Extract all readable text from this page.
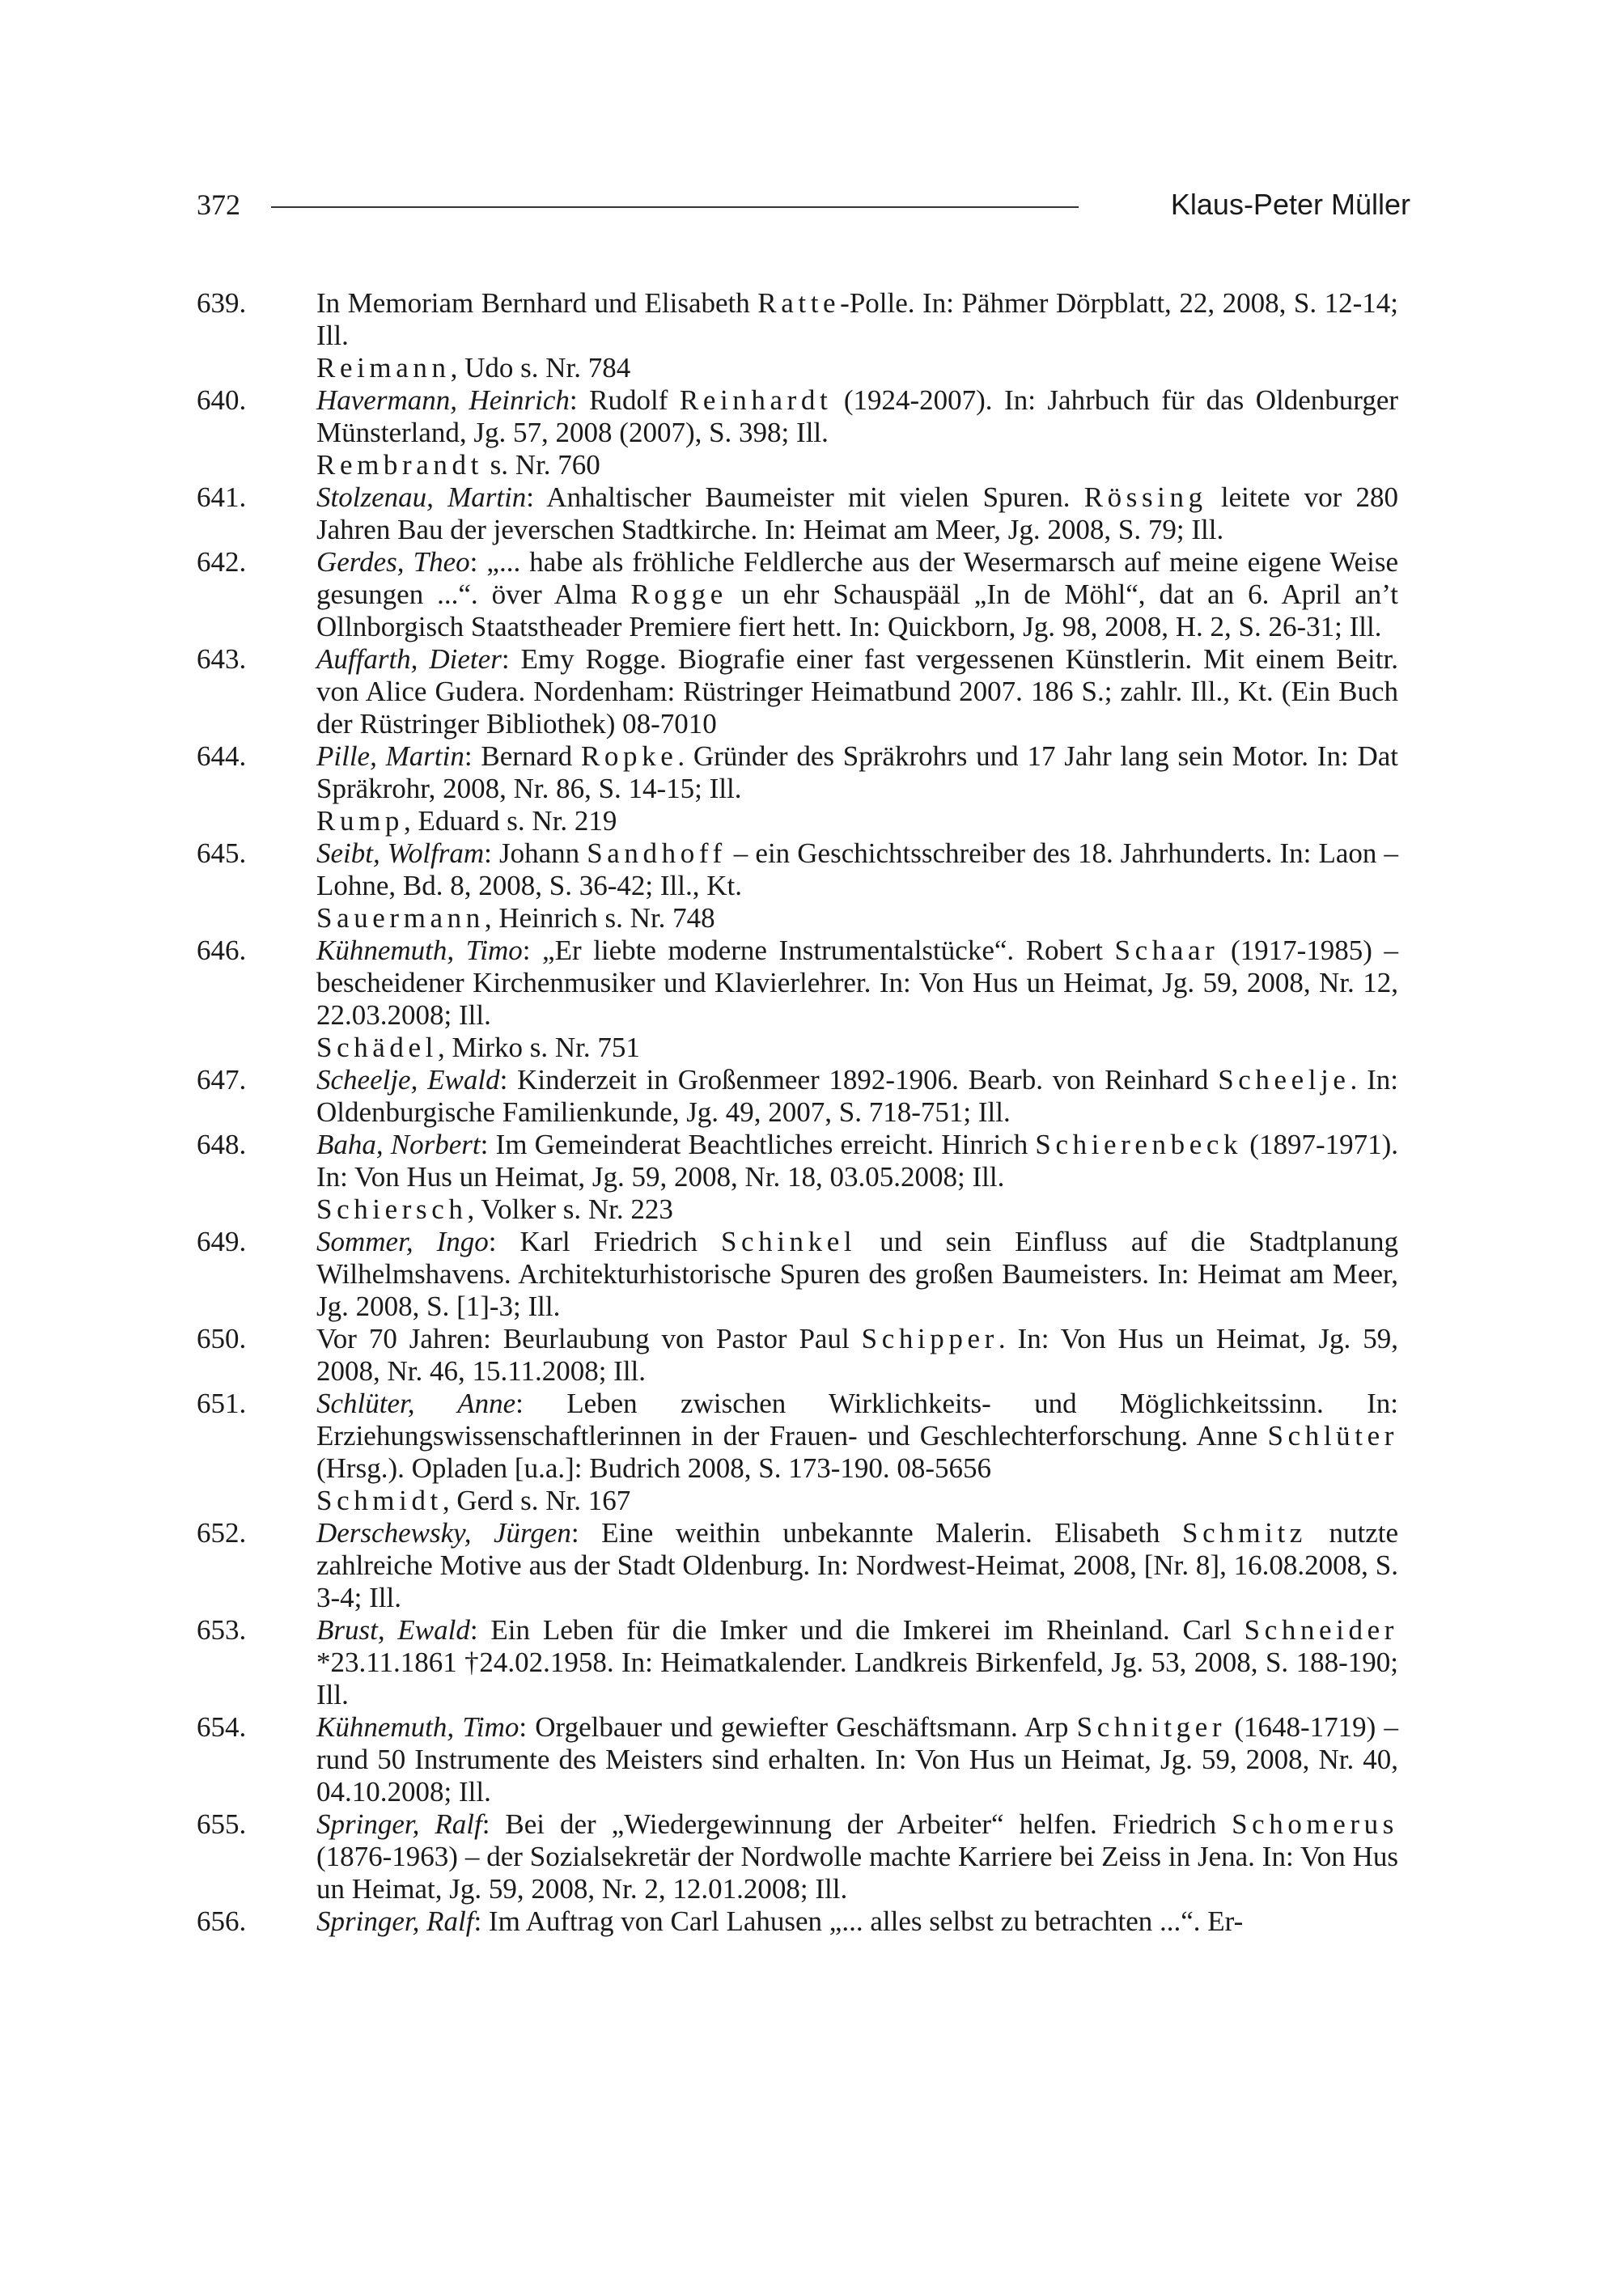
372	Klaus-Peter Müller
639.	In Memoriam Bernhard und Elisabeth Ratte-Polle. In: Pähmer Dörpblatt, 22, 2008, S. 12-14; Ill.
Reimann, Udo s. Nr. 784
640.	Havermann, Heinrich: Rudolf Reinhardt (1924-2007). In: Jahrbuch für das Oldenburger Münsterland, Jg. 57, 2008 (2007), S. 398; Ill.
Rembrandt s. Nr. 760
641.	Stolzenau, Martin: Anhaltischer Baumeister mit vielen Spuren. Rössing leitete vor 280 Jahren Bau der jeverschen Stadtkirche. In: Heimat am Meer, Jg. 2008, S. 79; Ill.
642.	Gerdes, Theo: „... habe als fröhliche Feldlerche aus der Wesermarsch auf meine eigene Weise gesungen ...“. över Alma Rogge un ehr Schauspääl „In de Möhl“, dat an 6. April an’t Ollnborgisch Staatstheader Premiere fiert hett. In: Quickborn, Jg. 98, 2008, H. 2, S. 26-31; Ill.
643.	Auffarth, Dieter: Emy Rogge. Biografie einer fast vergessenen Künstlerin. Mit einem Beitr. von Alice Gudera. Nordenham: Rüstringer Heimatbund 2007. 186 S.; zahlr. Ill., Kt. (Ein Buch der Rüstringer Bibliothek) 08-7010
644.	Pille, Martin: Bernard Ropke. Gründer des Spräkrohrs und 17 Jahr lang sein Motor. In: Dat Spräkrohr, 2008, Nr. 86, S. 14-15; Ill.
Rump, Eduard s. Nr. 219
645.	Seibt, Wolfram: Johann Sandhoff – ein Geschichtsschreiber des 18. Jahrhunderts. In: Laon – Lohne, Bd. 8, 2008, S. 36-42; Ill., Kt.
Sauermann, Heinrich s. Nr. 748
646.	Kühnemuth, Timo: „Er liebte moderne Instrumentalstücke“. Robert Schaar (1917-1985) – bescheidener Kirchenmusiker und Klavierlehrer. In: Von Hus un Heimat, Jg. 59, 2008, Nr. 12, 22.03.2008; Ill.
Schädel, Mirko s. Nr. 751
647.	Scheelje, Ewald: Kinderzeit in Großenmeer 1892-1906. Bearb. von Reinhard Scheelje. In: Oldenburgische Familienkunde, Jg. 49, 2007, S. 718-751; Ill.
648.	Baha, Norbert: Im Gemeinderat Beachtliches erreicht. Hinrich Schierenbeck (1897-1971). In: Von Hus un Heimat, Jg. 59, 2008, Nr. 18, 03.05.2008; Ill.
Schiersch, Volker s. Nr. 223
649.	Sommer, Ingo: Karl Friedrich Schinkel und sein Einfluss auf die Stadtplanung Wilhelmshavens. Architekturhistorische Spuren des großen Baumeisters. In: Heimat am Meer, Jg. 2008, S. [1]-3; Ill.
650.	Vor 70 Jahren: Beurlaubung von Pastor Paul Schipper. In: Von Hus un Heimat, Jg. 59, 2008, Nr. 46, 15.11.2008; Ill.
651.	Schlüter, Anne: Leben zwischen Wirklichkeits- und Möglichkeitssinn. In: Erziehungswissenschaftlerinnen in der Frauen- und Geschlechterforschung. Anne Schlüter (Hrsg.). Opladen [u.a.]: Budrich 2008, S. 173-190. 08-5656
Schmidt, Gerd s. Nr. 167
652.	Derschewsky, Jürgen: Eine weithin unbekannte Malerin. Elisabeth Schmitz nutzte zahlreiche Motive aus der Stadt Oldenburg. In: Nordwest-Heimat, 2008, [Nr. 8], 16.08.2008, S. 3-4; Ill.
653.	Brust, Ewald: Ein Leben für die Imker und die Imkerei im Rheinland. Carl Schneider *23.11.1861 †24.02.1958. In: Heimatkalender. Landkreis Birkenfeld, Jg. 53, 2008, S. 188-190; Ill.
654.	Kühnemuth, Timo: Orgelbauer und gewiefter Geschäftsmann. Arp Schnitger (1648-1719) – rund 50 Instrumente des Meisters sind erhalten. In: Von Hus un Heimat, Jg. 59, 2008, Nr. 40, 04.10.2008; Ill.
655.	Springer, Ralf: Bei der „Wiedergewinnung der Arbeiter“ helfen. Friedrich Schomerus (1876-1963) – der Sozialsekretär der Nordwolle machte Karriere bei Zeiss in Jena. In: Von Hus un Heimat, Jg. 59, 2008, Nr. 2, 12.01.2008; Ill.
656.	Springer, Ralf: Im Auftrag von Carl Lahusen „... alles selbst zu betrachten ...“. Er-
